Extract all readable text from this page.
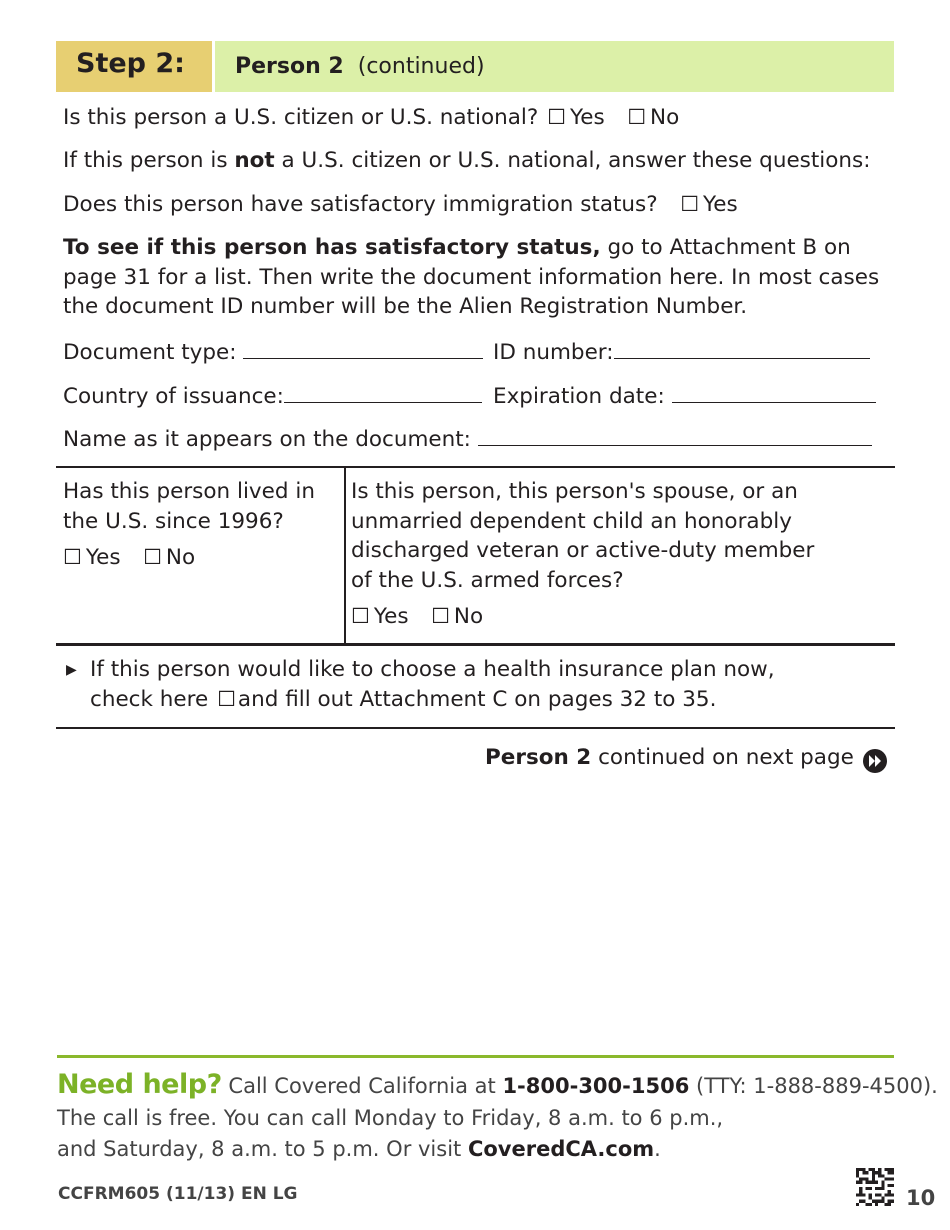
Step 2:	Person 2 (continued)
Is this person a U.S. citizen or U.S. national? ☐ Yes ☐ No
If this person is not a U.S. citizen or U.S. national, answer these questions:
Does this person have satisfactory immigration status? ☐ Yes
To see if this person has satisfactory status, go to Attachment B on
page 31 for a list. Then write the document information here. In most cases
the document ID number will be the Alien Registration Number.
Document type:	ID number:
Country of issuance:	Expiration date:
Name as it appears on the document:
Has this person lived in
the U.S. since 1996?
☐ Yes ☐ No
Is this person, this person's spouse, or an
unmarried dependent child an honorably
discharged veteran or active-duty member
of the U.S. armed forces?
☐ Yes ☐ No
▶ If this person would like to choose a health insurance plan now,
check here ☐and fill out Attachment C on pages 32 to 35.
Person 2 continued on next page
Need help? Call Covered California at 1-800-300-1506 (TTY: 1-888-889-4500).
The call is free. You can call Monday to Friday, 8 a.m. to 6 p.m.,
and Saturday, 8 a.m. to 5 p.m. Or visit CoveredCA.com.
CCFRM605 (11/13) EN LG	10
